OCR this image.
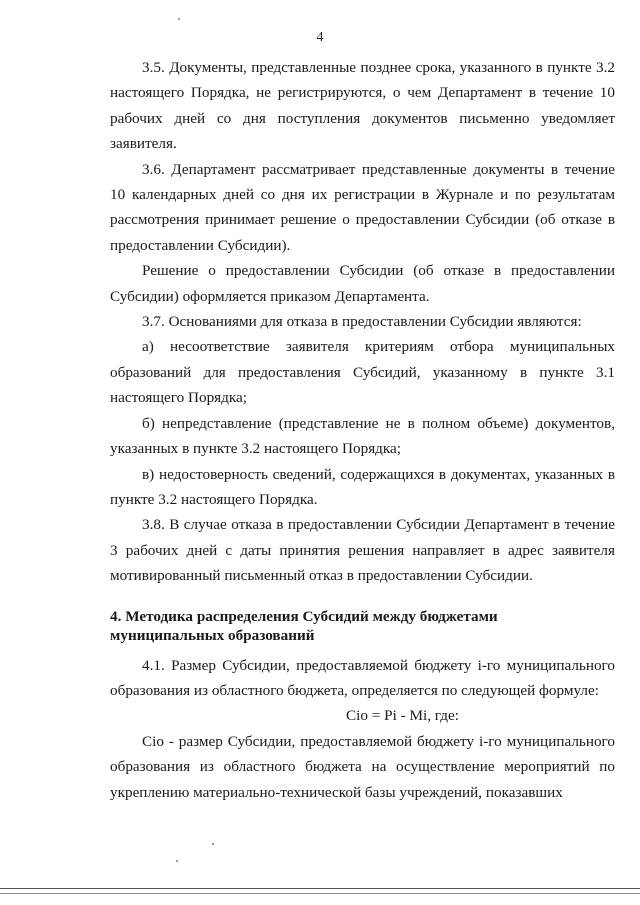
4

3.5. Документы, представленные позднее срока, указанного в пункте 3.2 настоящего Порядка, не регистрируются, о чем Департамент в течение 10 рабочих дней со дня поступления документов письменно уведомляет заявителя.

3.6. Департамент рассматривает представленные документы в течение 10 календарных дней со дня их регистрации в Журнале и по результатам рассмотрения принимает решение о предоставлении Субсидии (об отказе в предоставлении Субсидии).

Решение о предоставлении Субсидии (об отказе в предоставлении Субсидии) оформляется приказом Департамента.

3.7. Основаниями для отказа в предоставлении Субсидии являются:

а) несоответствие заявителя критериям отбора муниципальных образований для предоставления Субсидий, указанному в пункте 3.1 настоящего Порядка;

б) непредставление (представление не в полном объеме) документов, указанных в пункте 3.2 настоящего Порядка;

в) недостоверность сведений, содержащихся в документах, указанных в пункте 3.2 настоящего Порядка.

3.8. В случае отказа в предоставлении Субсидии Департамент в течение 3 рабочих дней с даты принятия решения направляет в адрес заявителя мотивированный письменный отказ в предоставлении Субсидии.

4. Методика распределения Субсидий между бюджетами
муниципальных образований

4.1. Размер Субсидии, предоставляемой бюджету i-го муниципального образования из областного бюджета, определяется по следующей формуле:

Cio = Pi - Mi, где:

Cio - размер Субсидии, предоставляемой бюджету i-го муниципального образования из областного бюджета на осуществление мероприятий по укреплению материально-технической базы учреждений, показавших
